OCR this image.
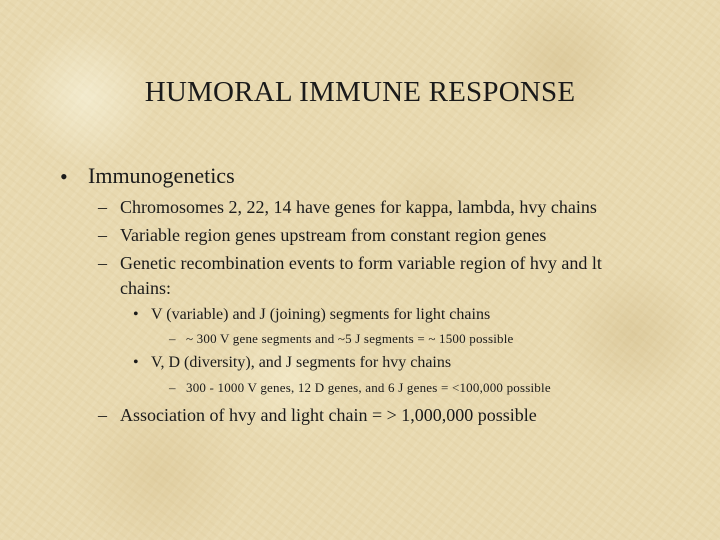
HUMORAL IMMUNE RESPONSE
• Immunogenetics
– Chromosomes 2, 22, 14 have genes for kappa, lambda, hvy chains
– Variable region genes upstream from constant region genes
– Genetic recombination events to form variable region of hvy and lt
chains:
• V (variable) and J (joining) segments for light chains
– ~ 300 V gene segments and ~5 J segments = ~ 1500 possible
• V, D (diversity), and J segments for hvy chains
– 300 - 1000 V genes, 12 D genes, and 6 J genes = <100,000 possible
– Association of hvy and light chain = > 1,000,000 possible
